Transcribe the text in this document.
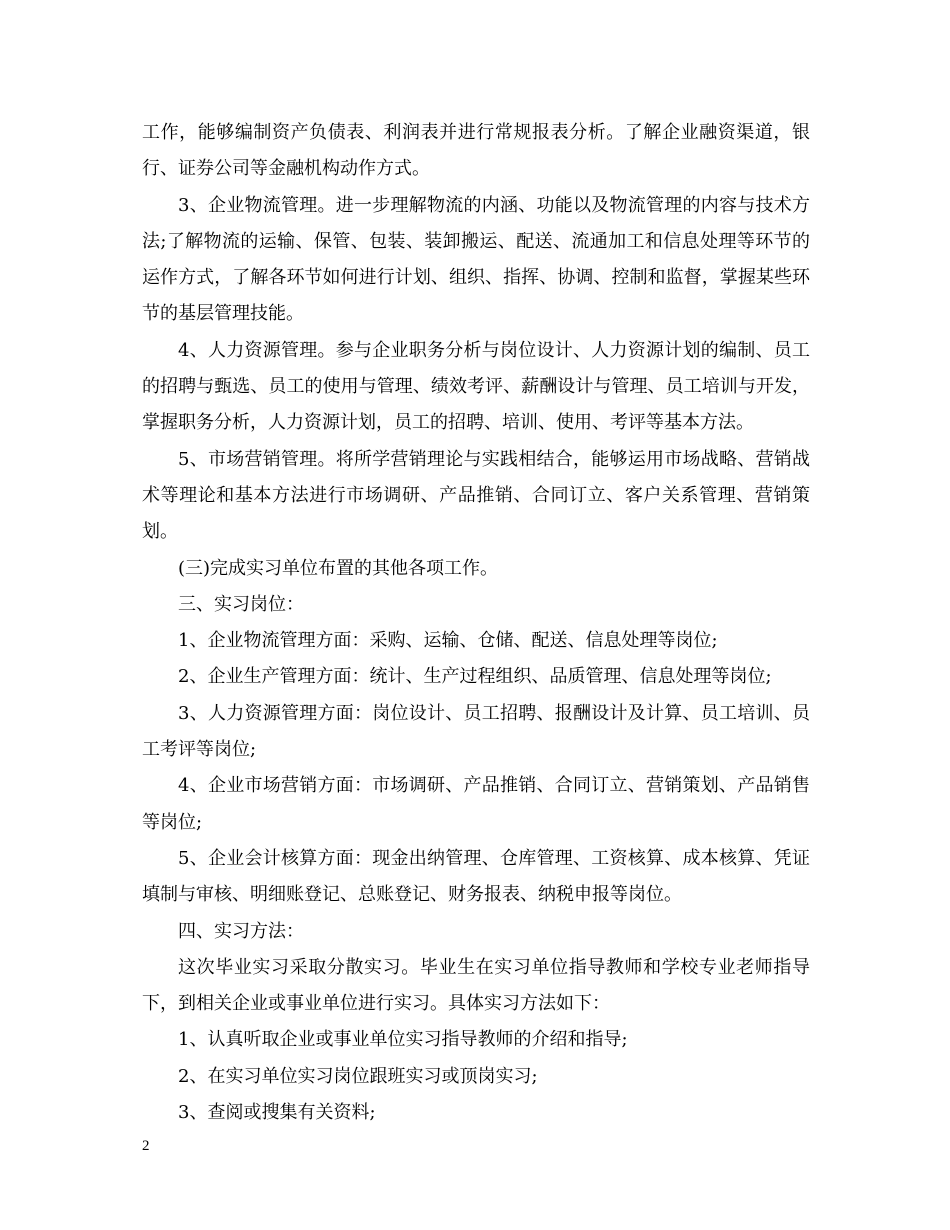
工作，能够编制资产负债表、利润表并进行常规报表分析。了解企业融资渠道，银行、证券公司等金融机构动作方式。

3、企业物流管理。进一步理解物流的内涵、功能以及物流管理的内容与技术方法;了解物流的运输、保管、包装、装卸搬运、配送、流通加工和信息处理等环节的运作方式，了解各环节如何进行计划、组织、指挥、协调、控制和监督，掌握某些环节的基层管理技能。

4、人力资源管理。参与企业职务分析与岗位设计、人力资源计划的编制、员工的招聘与甄选、员工的使用与管理、绩效考评、薪酬设计与管理、员工培训与开发，掌握职务分析，人力资源计划，员工的招聘、培训、使用、考评等基本方法。

5、市场营销管理。将所学营销理论与实践相结合，能够运用市场战略、营销战术等理论和基本方法进行市场调研、产品推销、合同订立、客户关系管理、营销策划。

(三)完成实习单位布置的其他各项工作。

三、实习岗位：

1、企业物流管理方面：采购、运输、仓储、配送、信息处理等岗位;

2、企业生产管理方面：统计、生产过程组织、品质管理、信息处理等岗位;

3、人力资源管理方面：岗位设计、员工招聘、报酬设计及计算、员工培训、员工考评等岗位;

4、企业市场营销方面：市场调研、产品推销、合同订立、营销策划、产品销售等岗位;

5、企业会计核算方面：现金出纳管理、仓库管理、工资核算、成本核算、凭证填制与审核、明细账登记、总账登记、财务报表、纳税申报等岗位。

四、实习方法：

这次毕业实习采取分散实习。毕业生在实习单位指导教师和学校专业老师指导下，到相关企业或事业单位进行实习。具体实习方法如下：

1、认真听取企业或事业单位实习指导教师的介绍和指导;

2、在实习单位实习岗位跟班实习或顶岗实习;

3、查阅或搜集有关资料;

2
